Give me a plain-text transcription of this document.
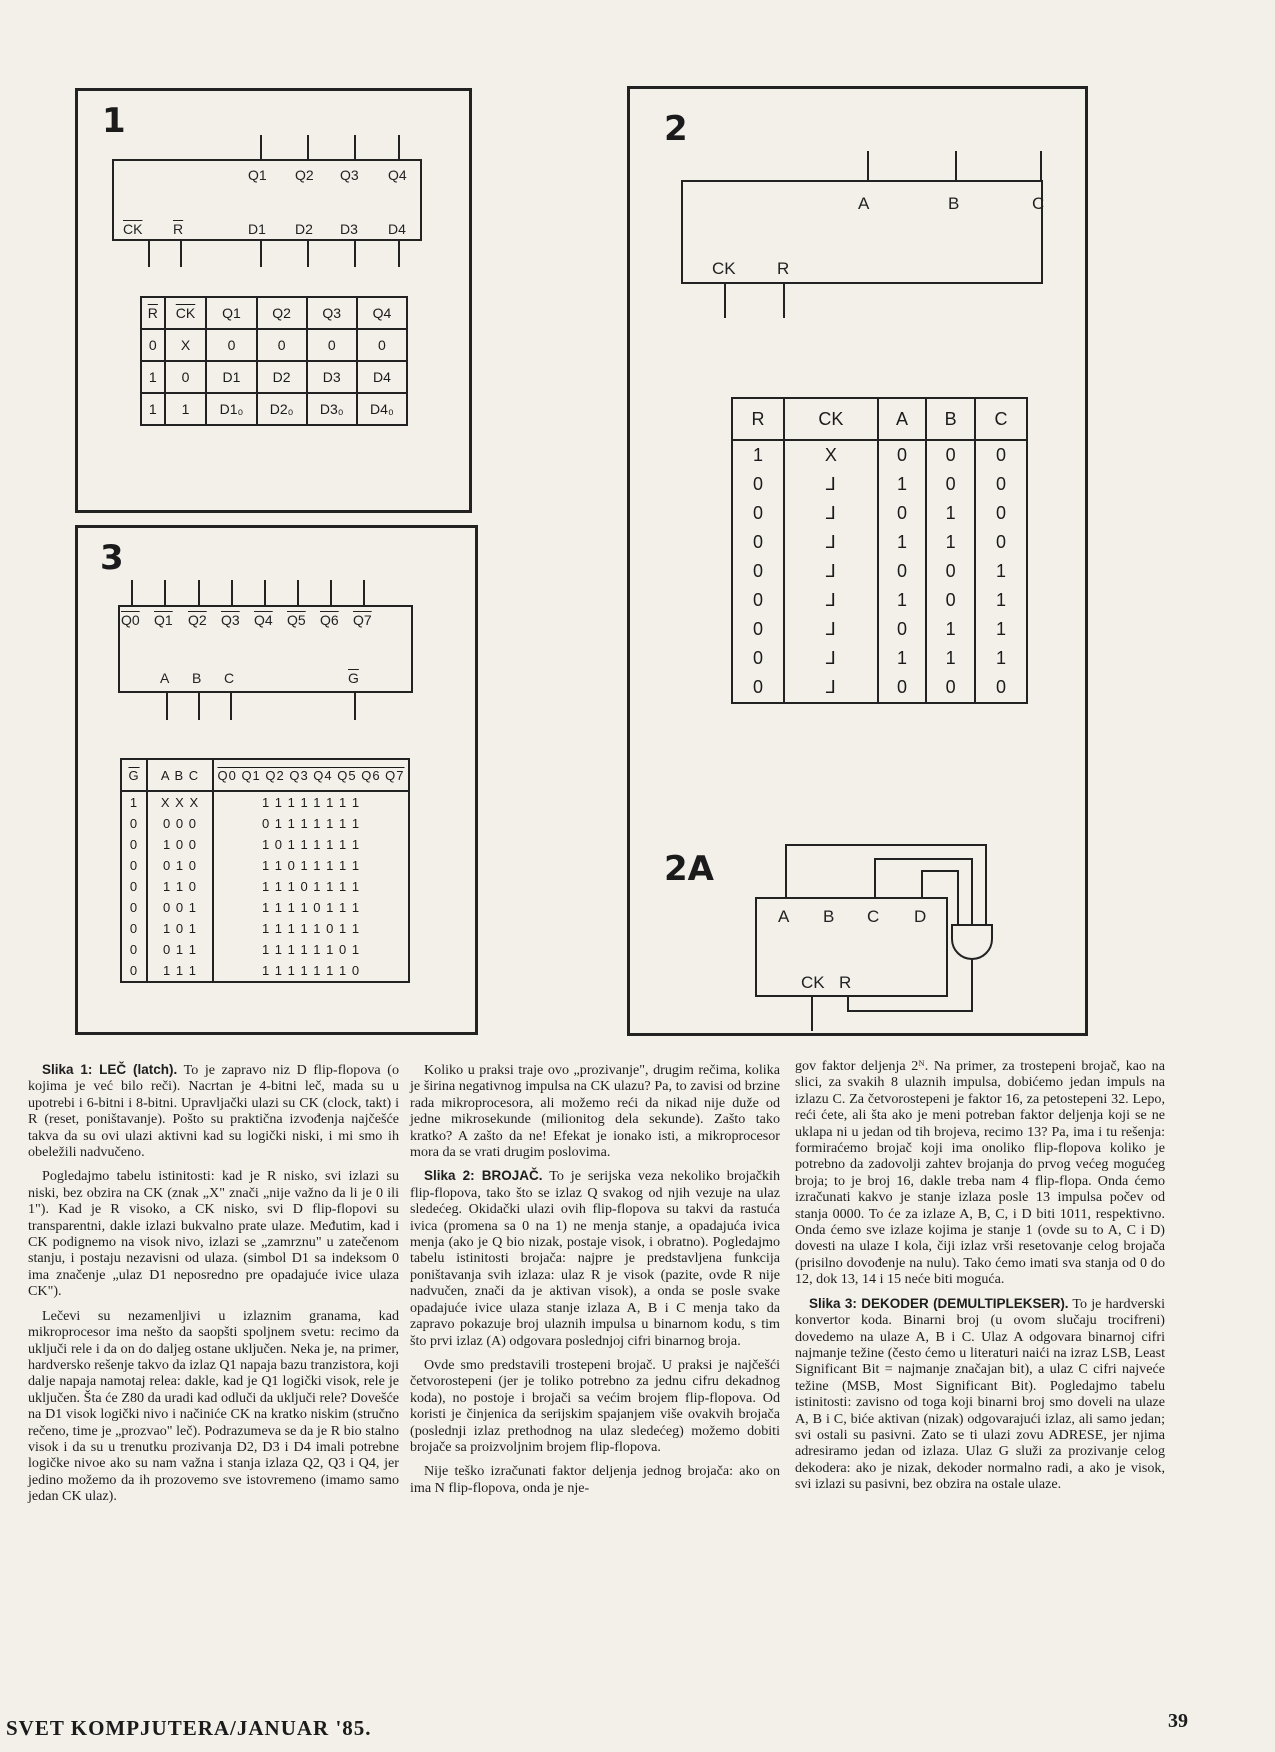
1
Q1 Q2 Q3 Q4
$\overline{CK}$ $\overline{R}$	D1 D2 D3 D4
$\overline{R}$	$\overline{CK}$	Q1	Q2	Q3	Q4
0	X	0	0	0	0
1	0	D1	D2	D3	D4
1	1	D1₀	D2₀	D3₀	D4₀
3
Q0 Q1 Q2 Q3 Q4 Q5 Q6 Q7
A B C	$\overline{G}$
$\overline{G}$	A B C	Q0 Q1 Q2 Q3 Q4 Q5 Q6 Q7
1	X X X	1 1 1 1 1 1 1 1
0	0 0 0	0 1 1 1 1 1 1 1
0	1 0 0	1 0 1 1 1 1 1 1
0	0 1 0	1 1 0 1 1 1 1 1
0	1 1 0	1 1 1 0 1 1 1 1
0	0 0 1	1 1 1 1 0 1 1 1
0	1 0 1	1 1 1 1 1 0 1 1
0	0 1 1	1 1 1 1 1 1 0 1
0	1 1 1	1 1 1 1 1 1 1 0
2
A	B	C
CK R
R	CK	A	B	C
1	X	0	0	0
0	⅃	1	0	0
0	⅃	0	1	0
0	⅃	1	1	0
0	⅃	0	0	1
0	⅃	1	0	1
0	⅃	0	1	1
0	⅃	1	1	1
0	⅃	0	0	0
2A
A B C D
CK R

Slika 1: LEČ (latch). To je zapravo niz D flip-flopova (o kojima je već bilo reči). Nacrtan je 4-bitni leč, mada su u upotrebi i 6-bitni i 8-bitni. Upravljački ulazi su CK (clock, takt) i R (reset, poništavanje). Pošto su praktična izvođenja najčešće takva da su ovi ulazi aktivni kad su logički niski, i mi smo ih obeležili nadvučeno.

Pogledajmo tabelu istinitosti: kad je R nisko, svi izlazi su niski, bez obzira na CK (znak „X" znači „nije važno da li je 0 ili 1"). Kad je R visoko, a CK nisko, svi D flip-flopovi su transparentni, dakle izlazi bukvalno prate ulaze. Međutim, kad i CK podignemo na visok nivo, izlazi se „zamrznu" u zatečenom stanju, i postaju nezavisni od ulaza. (simbol D1 sa indeksom 0 ima značenje „ulaz D1 neposredno pre opadajuće ivice ulaza CK").

Lečevi su nezamenljivi u izlaznim granama, kad mikroprocesor ima nešto da saopšti spoljnem svetu: recimo da uključi rele i da on do daljeg ostane uključen. Neka je, na primer, hardversko rešenje takvo da izlaz Q1 napaja bazu tranzistora, koji dalje napaja namotaj relea: dakle, kad je Q1 logički visok, rele je uključen. Šta će Z80 da uradi kad odluči da uključi rele? Dovešće na D1 visok logički nivo i načiniće CK na kratko niskim (stručno rečeno, time je „prozvao" leč). Podrazumeva se da je R bio stalno visok i da su u trenutku prozivanja D2, D3 i D4 imali potrebne logičke nivoe ako su nam važna i stanja izlaza Q2, Q3 i Q4, jer jedino možemo da ih prozovemo sve istovremeno (imamo samo jedan CK ulaz).

Koliko u praksi traje ovo „prozivanje", drugim rečima, kolika je širina negativnog impulsa na CK ulazu? Pa, to zavisi od brzine rada mikroprocesora, ali možemo reći da nikad nije duže od jedne mikrosekunde (milionitog dela sekunde). Zašto tako kratko? A zašto da ne! Efekat je ionako isti, a mikroprocesor mora da se vrati drugim poslovima.

Slika 2: BROJAČ. To je serijska veza nekoliko brojačkih flip-flopova, tako što se izlaz Q svakog od njih vezuje na ulaz sledećeg. Okidački ulazi ovih flip-flopova su takvi da rastuća ivica (promena sa 0 na 1) ne menja stanje, a opadajuća ivica menja (ako je Q bio nizak, postaje visok, i obratno). Pogledajmo tabelu istinitosti brojača: najpre je predstavljena funkcija poništavanja svih izlaza: ulaz R je visok (pazite, ovde R nije nadvučen, znači da je aktivan visok), a onda se posle svake opadajuće ivice ulaza stanje izlaza A, B i C menja tako da zapravo pokazuje broj ulaznih impulsa u binarnom kodu, s tim što prvi izlaz (A) odgovara poslednjoj cifri binarnog broja.

Ovde smo predstavili trostepeni brojač. U praksi je najčešći četvorostepeni (jer je toliko potrebno za jednu cifru dekadnog koda), no postoje i brojači sa većim brojem flip-flopova. Od koristi je činjenica da serijskim spajanjem više ovakvih brojača (poslednji izlaz prethodnog na ulaz sledećeg) možemo dobiti brojače sa proizvoljnim brojem flip-flopova.

Nije teško izračunati faktor deljenja jednog brojača: ako on ima N flip-flopova, onda je nje-

gov faktor deljenja 2ᴺ. Na primer, za trostepeni brojač, kao na slici, za svakih 8 ulaznih impulsa, dobićemo jedan impuls na izlazu C. Za četvorostepeni je faktor 16, za petostepeni 32. Lepo, reći ćete, ali šta ako je meni potreban faktor deljenja koji se ne uklapa ni u jedan od tih brojeva, recimo 13? Pa, ima i tu rešenja: formiraćemo brojač koji ima onoliko flip-flopova koliko je potrebno da zadovolji zahtev brojanja do prvog većeg mogućeg broja; to je broj 16, dakle treba nam 4 flip-flopa. Onda ćemo izračunati kakvo je stanje izlaza posle 13 impulsa počev od stanja 0000. To će za izlaze A, B, C, i D biti 1011, respektivno. Onda ćemo sve izlaze kojima je stanje 1 (ovde su to A, C i D) dovesti na ulaze I kola, čiji izlaz vrši resetovanje celog brojača (prisilno dovođenje na nulu). Tako ćemo imati sva stanja od 0 do 12, dok 13, 14 i 15 neće biti moguća.

Slika 3: DEKODER (DEMULTIPLEKSER). To je hardverski konvertor koda. Binarni broj (u ovom slučaju trocifreni) dovedemo na ulaze A, B i C. Ulaz A odgovara binarnoj cifri najmanje težine (često ćemo u literaturi naići na izraz LSB, Least Significant Bit = najmanje značajan bit), a ulaz C cifri najveće težine (MSB, Most Significant Bit). Pogledajmo tabelu istinitosti: zavisno od toga koji binarni broj smo doveli na ulaze A, B i C, biće aktivan (nizak) odgovarajući izlaz, ali samo jedan; svi ostali su pasivni. Zato se ti ulazi zovu ADRESE, jer njima adresiramo jedan od izlaza. Ulaz G služi za prozivanje celog dekodera: ako je nizak, dekoder normalno radi, a ako je visok, svi izlazi su pasivni, bez obzira na ostale ulaze.

SVET KOMPJUTERA/JANUAR '85.	39
